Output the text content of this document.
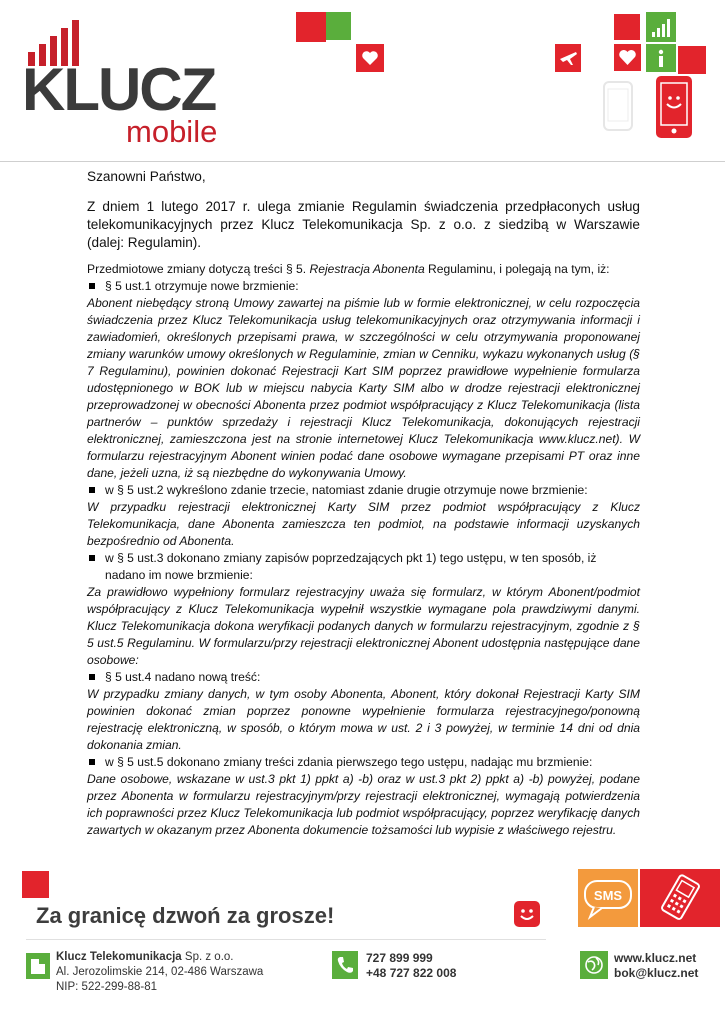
KLUCZ
mobile

Szanowni Państwo,

Z dniem 1 lutego 2017 r. ulega zmianie Regulamin świadczenia przedpłaconych usług telekomunikacyjnych przez Klucz Telekomunikacja Sp. z o.o. z siedzibą w Warszawie (dalej: Regulamin).

Przedmiotowe zmiany dotyczą treści § 5. Rejestracja Abonenta Regulaminu, i polegają na tym, iż:

§ 5 ust.1 otrzymuje nowe brzmienie:

Abonent niebędący stroną Umowy zawartej na piśmie lub w formie elektronicznej, w celu rozpoczęcia świadczenia przez Klucz Telekomunikacja usług telekomunikacyjnych oraz otrzymywania informacji i zawiadomień, określonych przepisami prawa, w szczególności w celu otrzymywania proponowanej zmiany warunków umowy określonych w Regulaminie, zmian w Cenniku, wykazu wykonanych usług (§ 7 Regulaminu), powinien dokonać Rejestracji Kart SIM poprzez prawidłowe wypełnienie formularza udostępnionego w BOK lub w miejscu nabycia Karty SIM albo w drodze rejestracji elektronicznej przeprowadzonej w obecności Abonenta przez podmiot współpracujący z Klucz Telekomunikacja (lista partnerów – punktów sprzedaży i rejestracji Klucz Telekomunikacja, dokonujących rejestracji elektronicznej, zamieszczona jest na stronie internetowej Klucz Telekomunikacja www.klucz.net). W formularzu rejestracyjnym Abonent winien podać dane osobowe wymagane przepisami PT oraz inne dane, jeżeli uzna, iż są niezbędne do wykonywania Umowy.

w § 5 ust.2 wykreślono zdanie trzecie, natomiast zdanie drugie otrzymuje nowe brzmienie:

W przypadku rejestracji elektronicznej Karty SIM przez podmiot współpracujący z Klucz Telekomunikacja, dane Abonenta zamieszcza ten podmiot, na podstawie informacji uzyskanych bezpośrednio od Abonenta.

w § 5 ust.3 dokonano zmiany zapisów poprzedzających pkt 1) tego ustępu, w ten sposób, iż nadano im nowe brzmienie:

Za prawidłowo wypełniony formularz rejestracyjny uważa się formularz, w którym Abonent/podmiot współpracujący z Klucz Telekomunikacja wypełnił wszystkie wymagane pola prawdziwymi danymi. Klucz Telekomunikacja dokona weryfikacji podanych danych w formularzu rejestracyjnym, zgodnie z § 5 ust.5 Regulaminu. W formularzu/przy rejestracji elektronicznej Abonent udostępnia następujące dane osobowe:

§ 5 ust.4 nadano nową treść:

W przypadku zmiany danych, w tym osoby Abonenta, Abonent, który dokonał Rejestracji Karty SIM powinien dokonać zmian poprzez ponowne wypełnienie formularza rejestracyjnego/ponowną rejestrację elektroniczną, w sposób, o którym mowa w ust. 2 i 3 powyżej, w terminie 14 dni od dnia dokonania zmian.

w § 5 ust.5 dokonano zmiany treści zdania pierwszego tego ustępu, nadając mu brzmienie:

Dane osobowe, wskazane w ust.3 pkt 1) ppkt a) -b) oraz w ust.3 pkt 2) ppkt a) -b) powyżej, podane przez Abonenta w formularzu rejestracyjnym/przy rejestracji elektronicznej, wymagają potwierdzenia ich poprawności przez Klucz Telekomunikacja lub podmiot współpracujący, poprzez weryfikację danych zawartych w okazanym przez Abonenta dokumencie tożsamości lub wypisie z właściwego rejestru.

Za granicę dzwoń za grosze!
SMS
Klucz Telekomunikacja Sp. z o.o.
Al. Jerozolimskie 214, 02-486 Warszawa
NIP: 522-299-88-81
727 899 999
+48 727 822 008
www.klucz.net
bok@klucz.net
